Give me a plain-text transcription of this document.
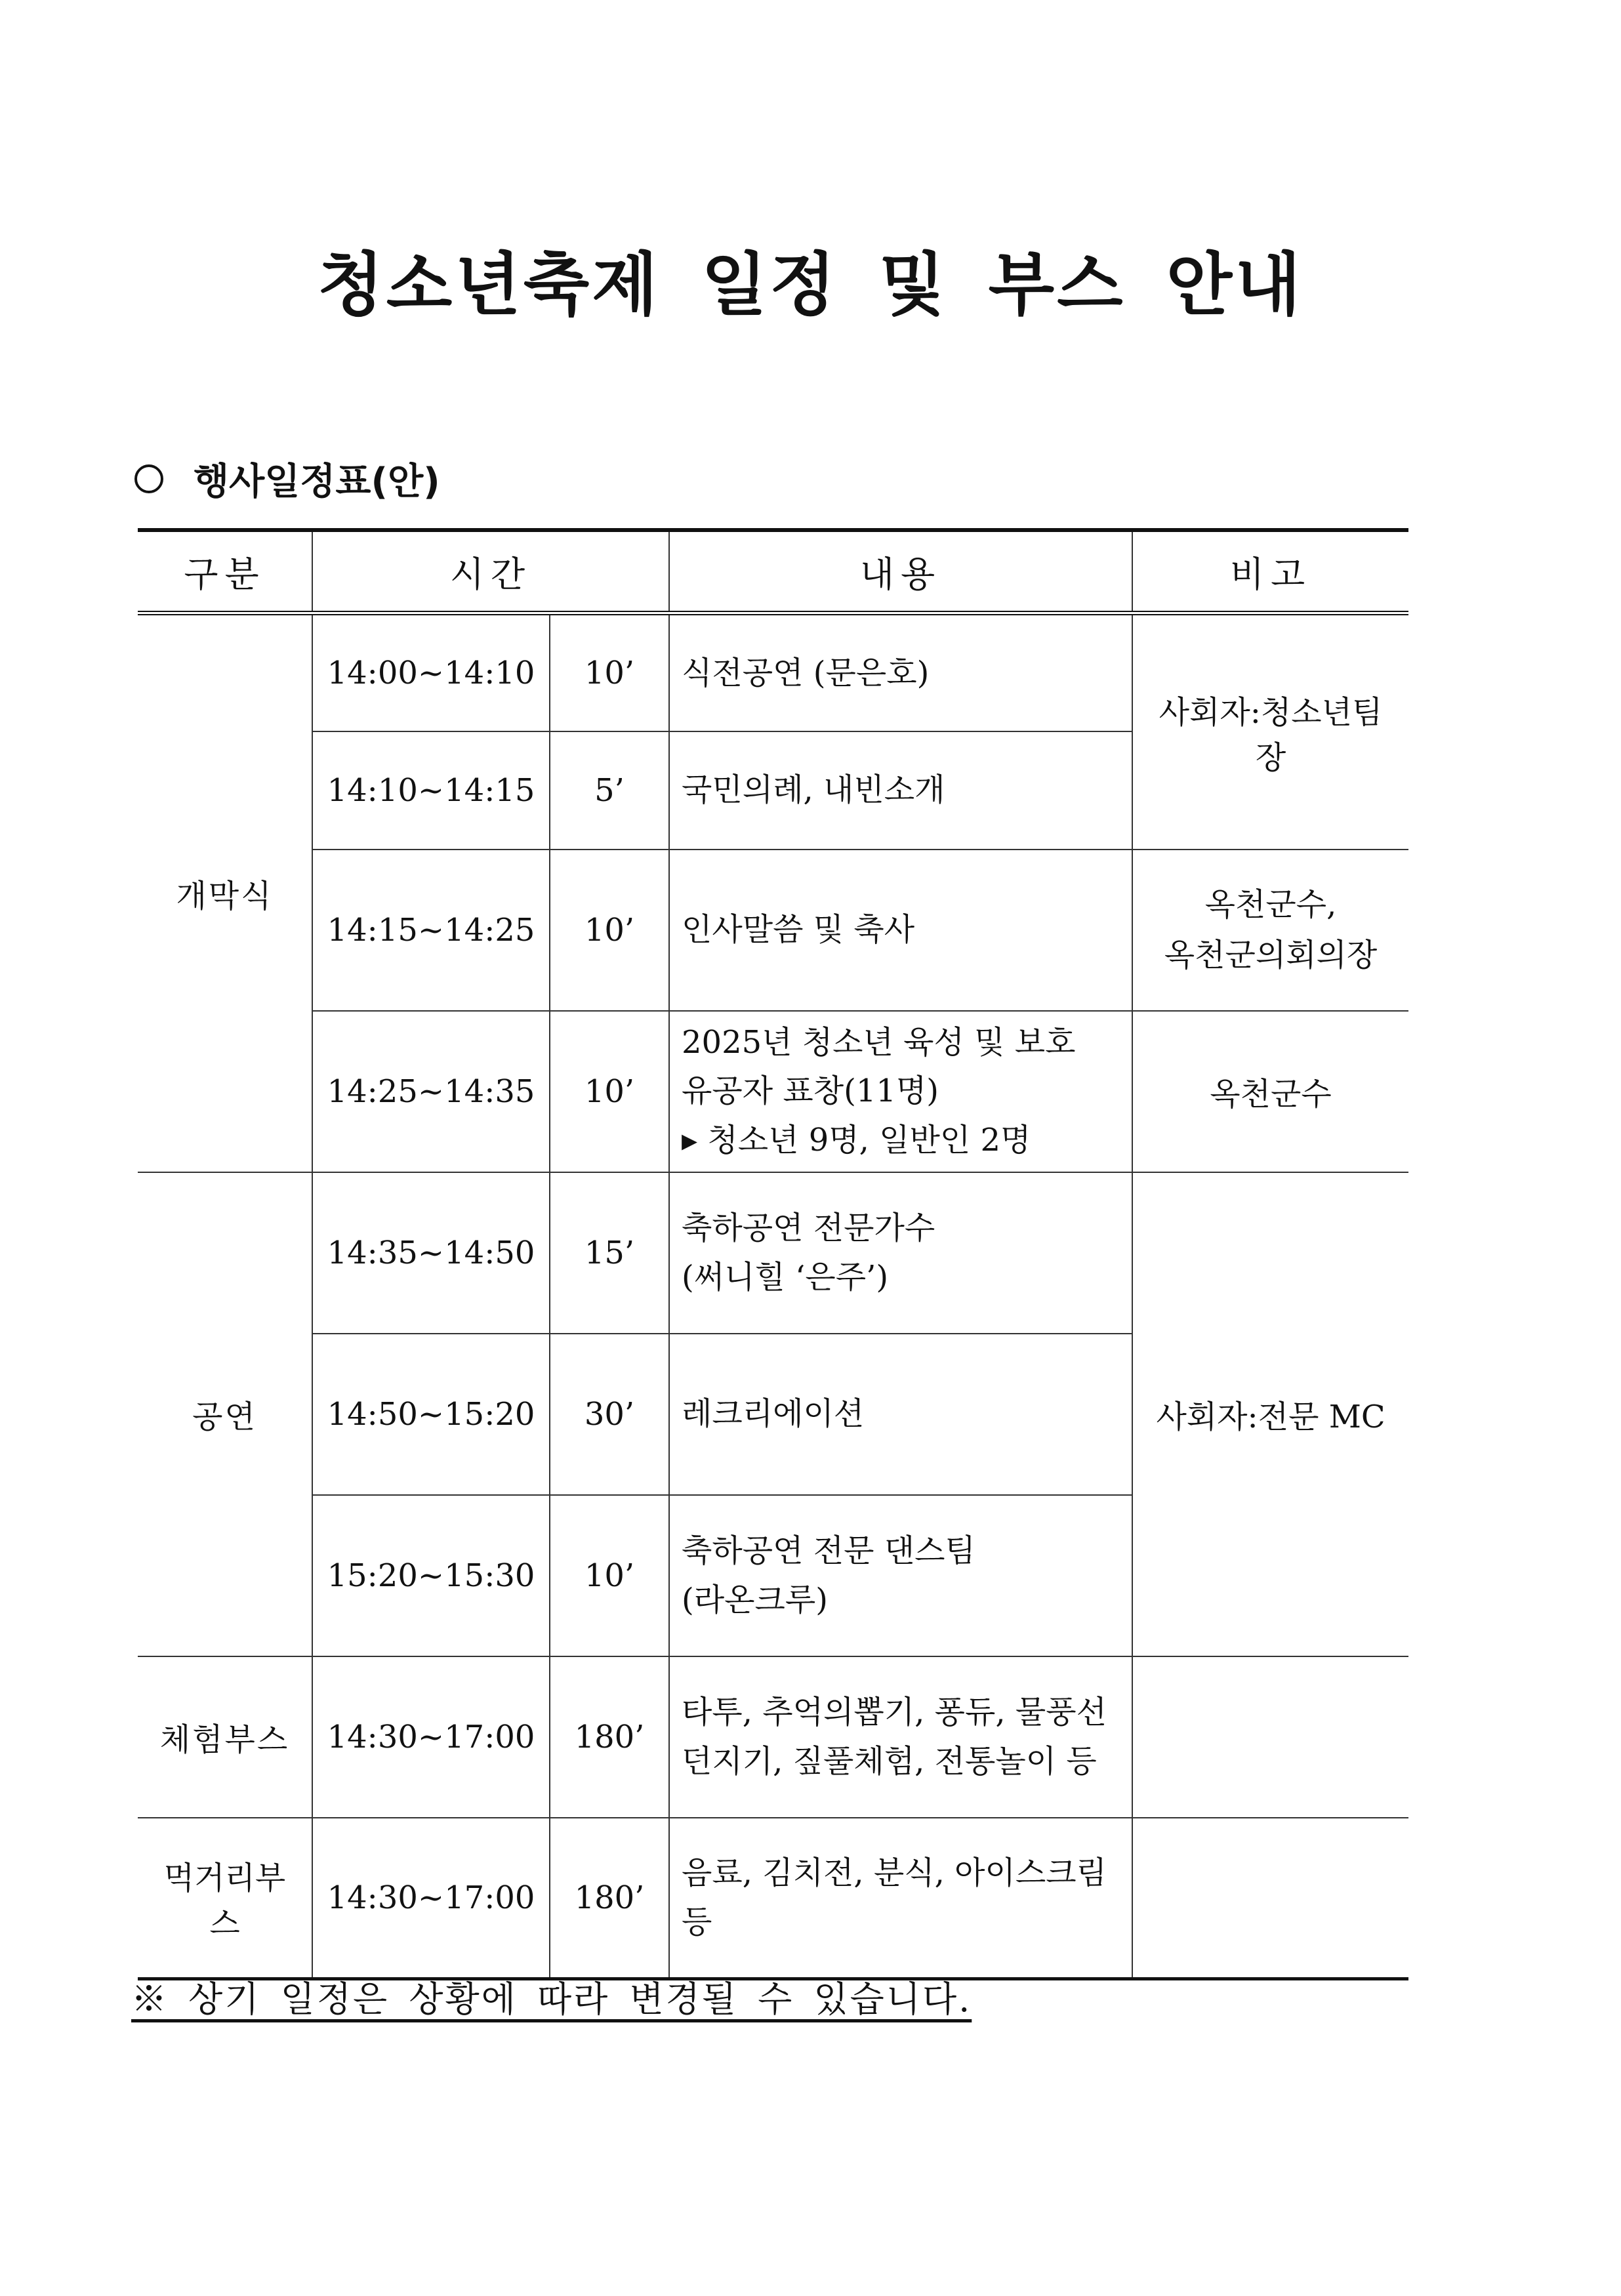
청소년축제 일정 및 부스 안내
행사일정표(안)
구분	시간		내용	비고
개막식	14:00~14:10	10’	식전공연 (문은호)	사회자:청소년팀장
	14:10~14:15	5’	국민의례, 내빈소개	

	14:15~14:25	10’	인사말씀 및 축사	옥천군수,
옥천군의회의장

	14:25~14:35	10’	2025년 청소년 육성 및 보호
유공자 표창(11명)
▸ 청소년 9명, 일반인 2명	옥천군수
공연	14:35~14:50	15’	축하공연 전문가수
(써니힐 ‘은주’)	사회자:전문 MC
	14:50~15:20	30’	레크리에이션	

	15:20~15:30	10’	축하공연 전문 댄스팀
(라온크루)	

체험부스	14:30~17:00	180’	타투, 추억의뽑기, 퐁듀, 물풍선
던지기, 짚풀체험, 전통놀이 등	

먹거리부스	14:30~17:00	180’	음료, 김치전, 분식, 아이스크림 등	

※ 상기 일정은 상황에 따라 변경될 수 있습니다.
